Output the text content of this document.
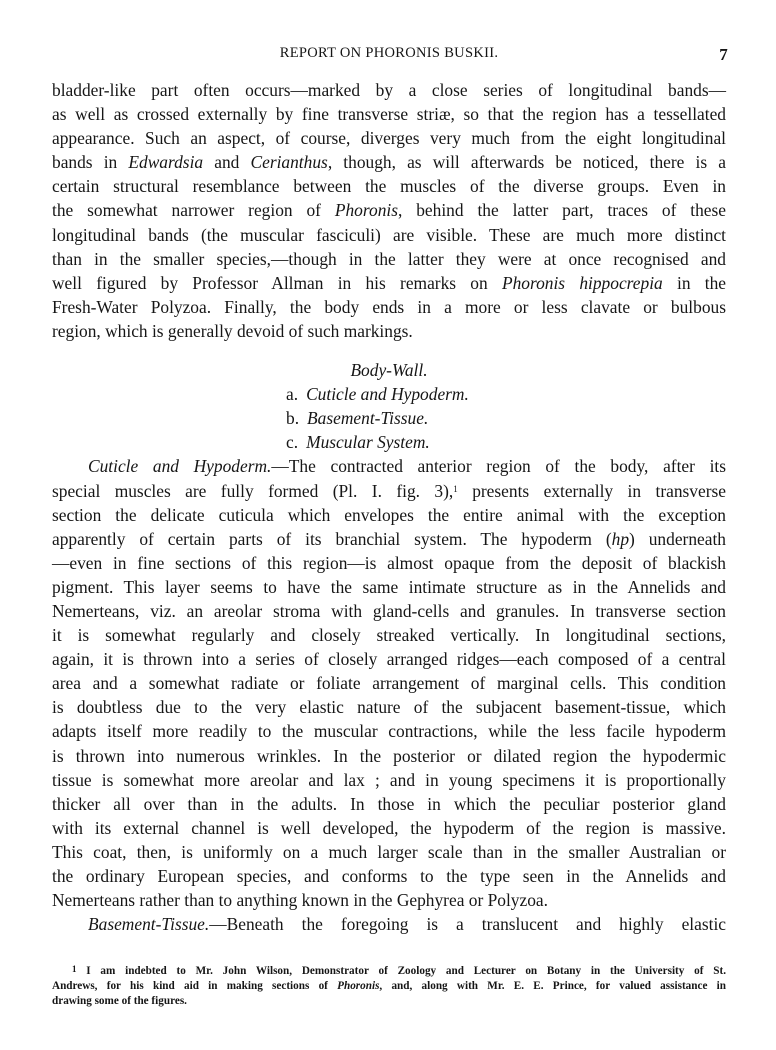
REPORT ON PHORONIS BUSKII.	7
bladder-like part often occurs—marked by a close series of longitudinal bands—
as well as crossed externally by fine transverse striæ, so that the region has a tessellated
appearance. Such an aspect, of course, diverges very much from the eight longitudinal
bands in Edwardsia and Cerianthus, though, as will afterwards be noticed, there is a
certain structural resemblance between the muscles of the diverse groups. Even in
the somewhat narrower region of Phoronis, behind the latter part, traces of these
longitudinal bands (the muscular fasciculi) are visible. These are much more distinct
than in the smaller species,—though in the latter they were at once recognised and
well figured by Professor Allman in his remarks on Phoronis hippocrepia in the
Fresh-Water Polyzoa. Finally, the body ends in a more or less clavate or bulbous
region, which is generally devoid of such markings.
Body-Wall.
a. Cuticle and Hypoderm.
b. Basement-Tissue.
c. Muscular System.
Cuticle and Hypoderm.—The contracted anterior region of the body, after its
special muscles are fully formed (Pl. I. fig. 3),$^1$ presents externally in transverse
section the delicate cuticula which envelopes the entire animal with the exception
apparently of certain parts of its branchial system. The hypoderm (hp) underneath
—even in fine sections of this region—is almost opaque from the deposit of blackish
pigment. This layer seems to have the same intimate structure as in the Annelids and
Nemerteans, viz. an areolar stroma with gland-cells and granules. In transverse section
it is somewhat regularly and closely streaked vertically. In longitudinal sections,
again, it is thrown into a series of closely arranged ridges—each composed of a central
area and a somewhat radiate or foliate arrangement of marginal cells. This condition
is doubtless due to the very elastic nature of the subjacent basement-tissue, which
adapts itself more readily to the muscular contractions, while the less facile hypoderm
is thrown into numerous wrinkles. In the posterior or dilated region the hypodermic
tissue is somewhat more areolar and lax ; and in young specimens it is proportionally
thicker all over than in the adults. In those in which the peculiar posterior gland
with its external channel is well developed, the hypoderm of the region is massive.
This coat, then, is uniformly on a much larger scale than in the smaller Australian or
the ordinary European species, and conforms to the type seen in the Annelids and
Nemerteans rather than to anything known in the Gephyrea or Polyzoa.
Basement-Tissue.—Beneath the foregoing is a translucent and highly elastic
$^1$ I am indebted to Mr. John Wilson, Demonstrator of Zoology and Lecturer on Botany in the University of St.
Andrews, for his kind aid in making sections of Phoronis, and, along with Mr. E. E. Prince, for valued assistance in
drawing some of the figures.
